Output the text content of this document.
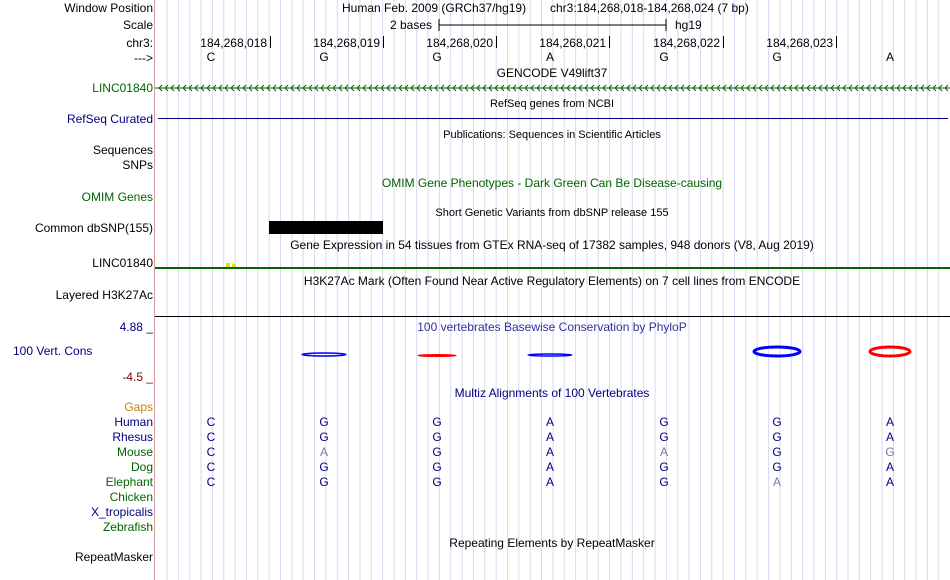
Window Position	Human Feb. 2009 (GRCh37/hg19) chr3:184,268,018-184,268,024 (7 bp)
Scale	2 bases	hg19
chr3:	184,268,018	184,268,019	184,268,020	184,268,021	184,268,022	184,268,023
--->	C	G	G	A	G	G	A
GENCODE V49lift37
LINC01840
RefSeq genes from NCBI
RefSeq Curated
Publications: Sequences in Scientific Articles
Sequences
SNPs
OMIM Gene Phenotypes - Dark Green Can Be Disease-causing
OMIM Genes
Short Genetic Variants from dbSNP release 155
Common dbSNP(155)
Gene Expression in 54 tissues from GTEx RNA-seq of 17382 samples, 948 donors (V8, Aug 2019)
LINC01840
H3K27Ac Mark (Often Found Near Active Regulatory Elements) on 7 cell lines from ENCODE
Layered H3K27Ac
100 vertebrates Basewise Conservation by PhyloP
4.88 _
100 Vert. Cons
-4.5 _
Multiz Alignments of 100 Vertebrates
Gaps
Human	C	G	G	A	G	G	A
Rhesus	C	G	G	A	G	G	A
Mouse	C	A	G	A	A	G	G
Dog	C	G	G	A	G	G	A
Elephant	C	G	G	A	G	A	A
Chicken
X_tropicalis
Zebrafish
Repeating Elements by RepeatMasker
RepeatMasker
